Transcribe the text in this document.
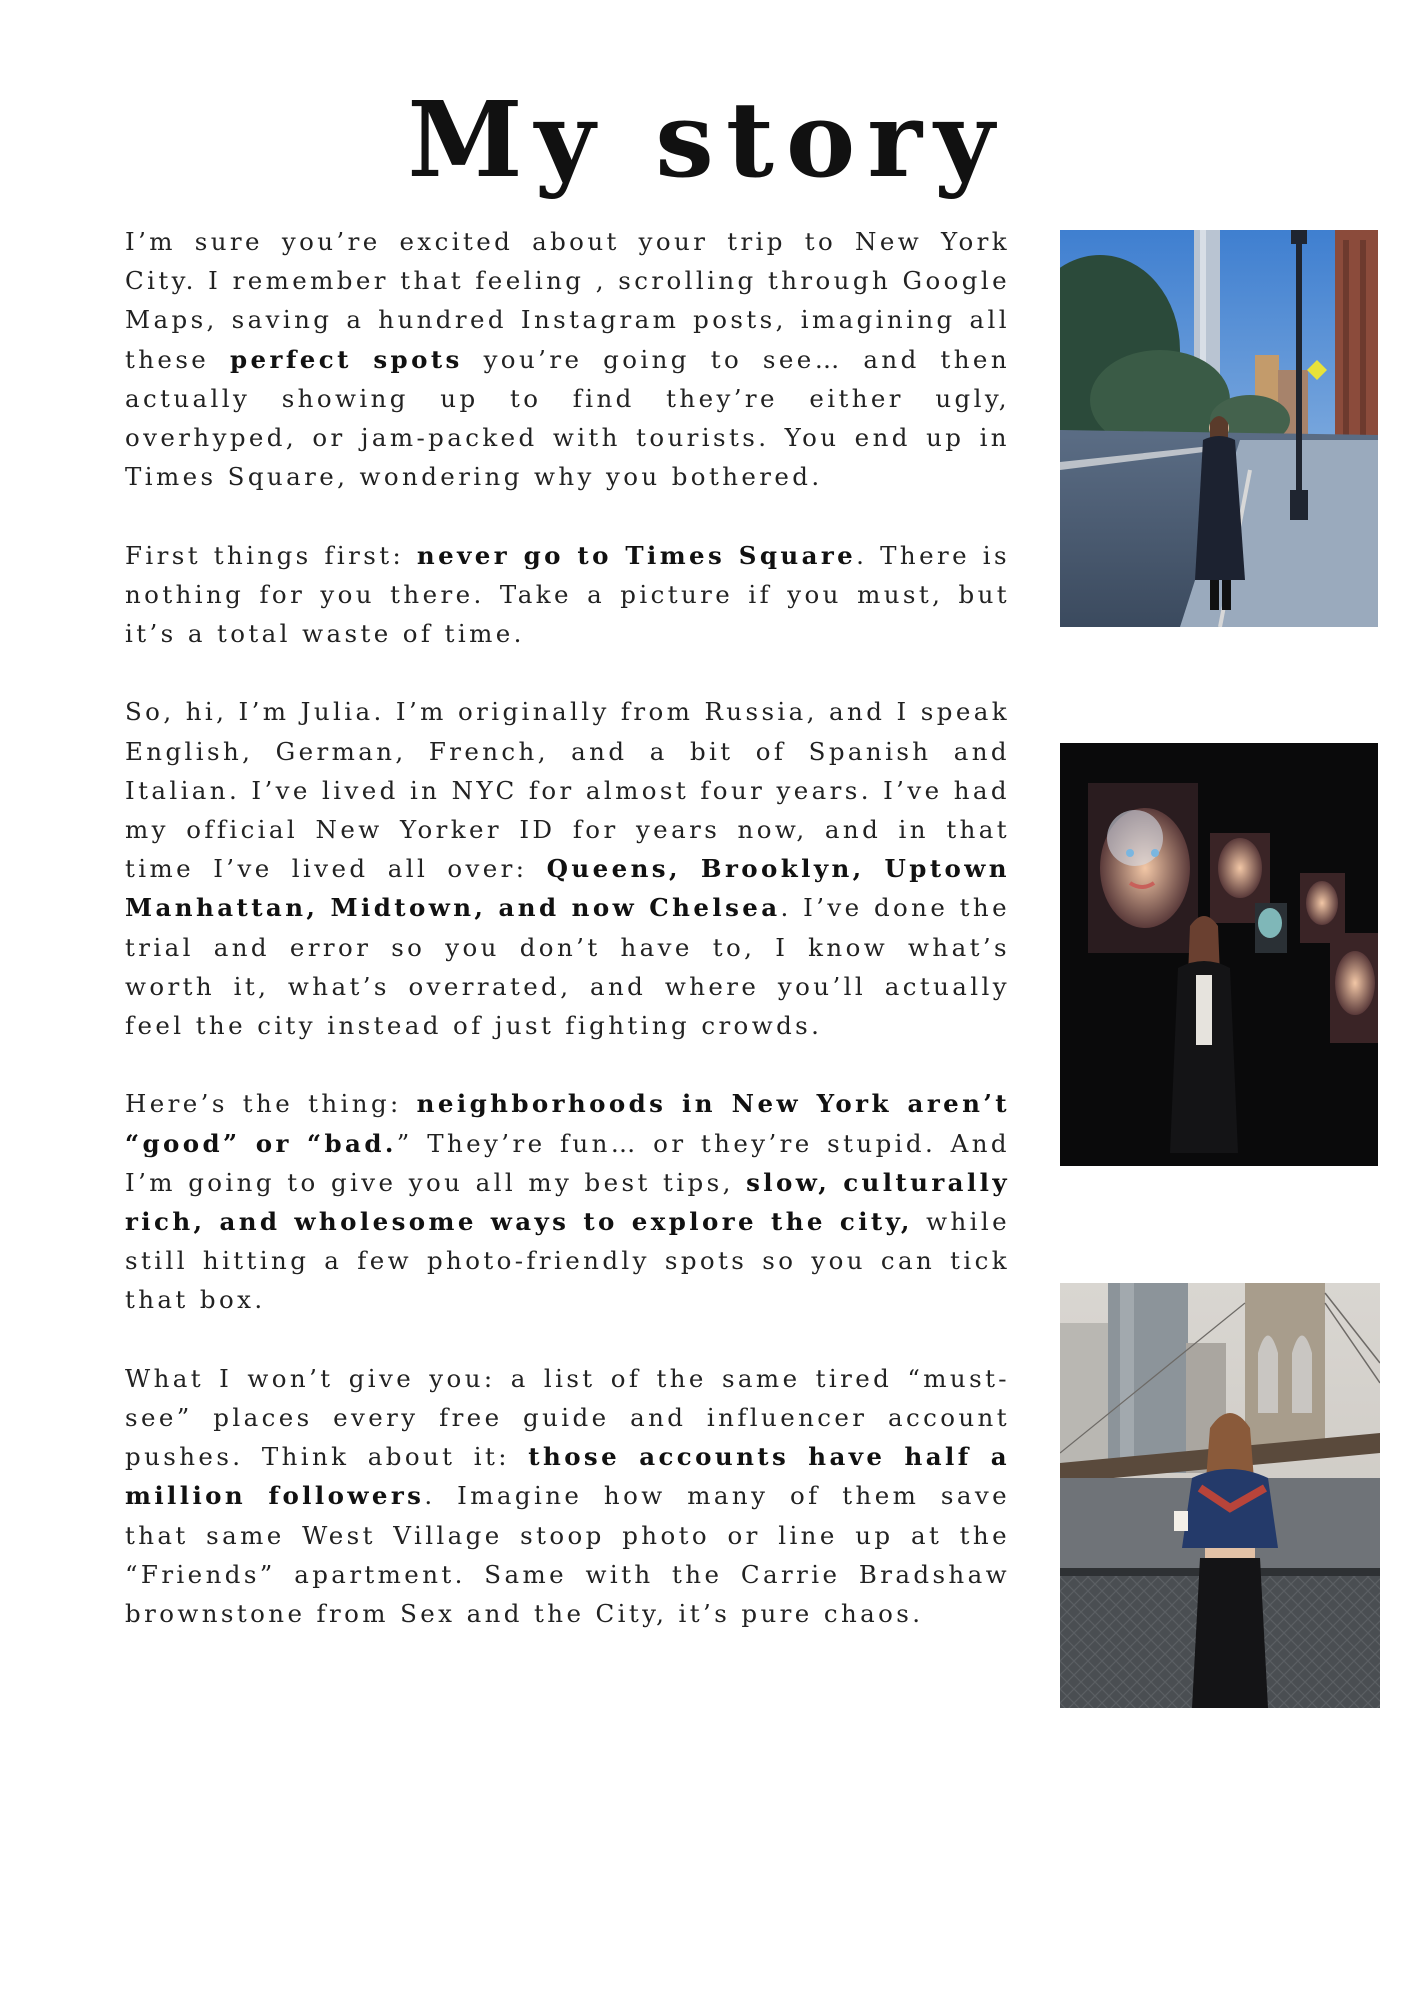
My story

I’m sure you’re excited about your trip to New York City. I remember that feeling , scrolling through Google Maps, saving a hundred Instagram posts, imagining all these perfect spots you’re going to see… and then actually showing up to find they’re either ugly, overhyped, or jam-packed with tourists. You end up in Times Square, wondering why you bothered.

First things first: never go to Times Square. There is nothing for you there. Take a picture if you must, but it’s a total waste of time.

So, hi, I’m Julia. I’m originally from Russia, and I speak English, German, French, and a bit of Spanish and Italian. I’ve lived in NYC for almost four years. I’ve had my official New Yorker ID for years now, and in that time I’ve lived all over: Queens, Brooklyn, Uptown Manhattan, Midtown, and now Chelsea. I’ve done the trial and error so you don’t have to, I know what’s worth it, what’s overrated, and where you’ll actually feel the city instead of just fighting crowds.

Here’s the thing: neighborhoods in New York aren’t “good” or “bad.” They’re fun… or they’re stupid. And I’m going to give you all my best tips, slow, culturally rich, and wholesome ways to explore the city, while still hitting a few photo-friendly spots so you can tick that box.

What I won’t give you: a list of the same tired “must-see” places every free guide and influencer account pushes. Think about it: those accounts have half a million followers. Imagine how many of them save that same West Village stoop photo or line up at the “Friends” apartment. Same with the Carrie Bradshaw brownstone from Sex and the City, it’s pure chaos.
